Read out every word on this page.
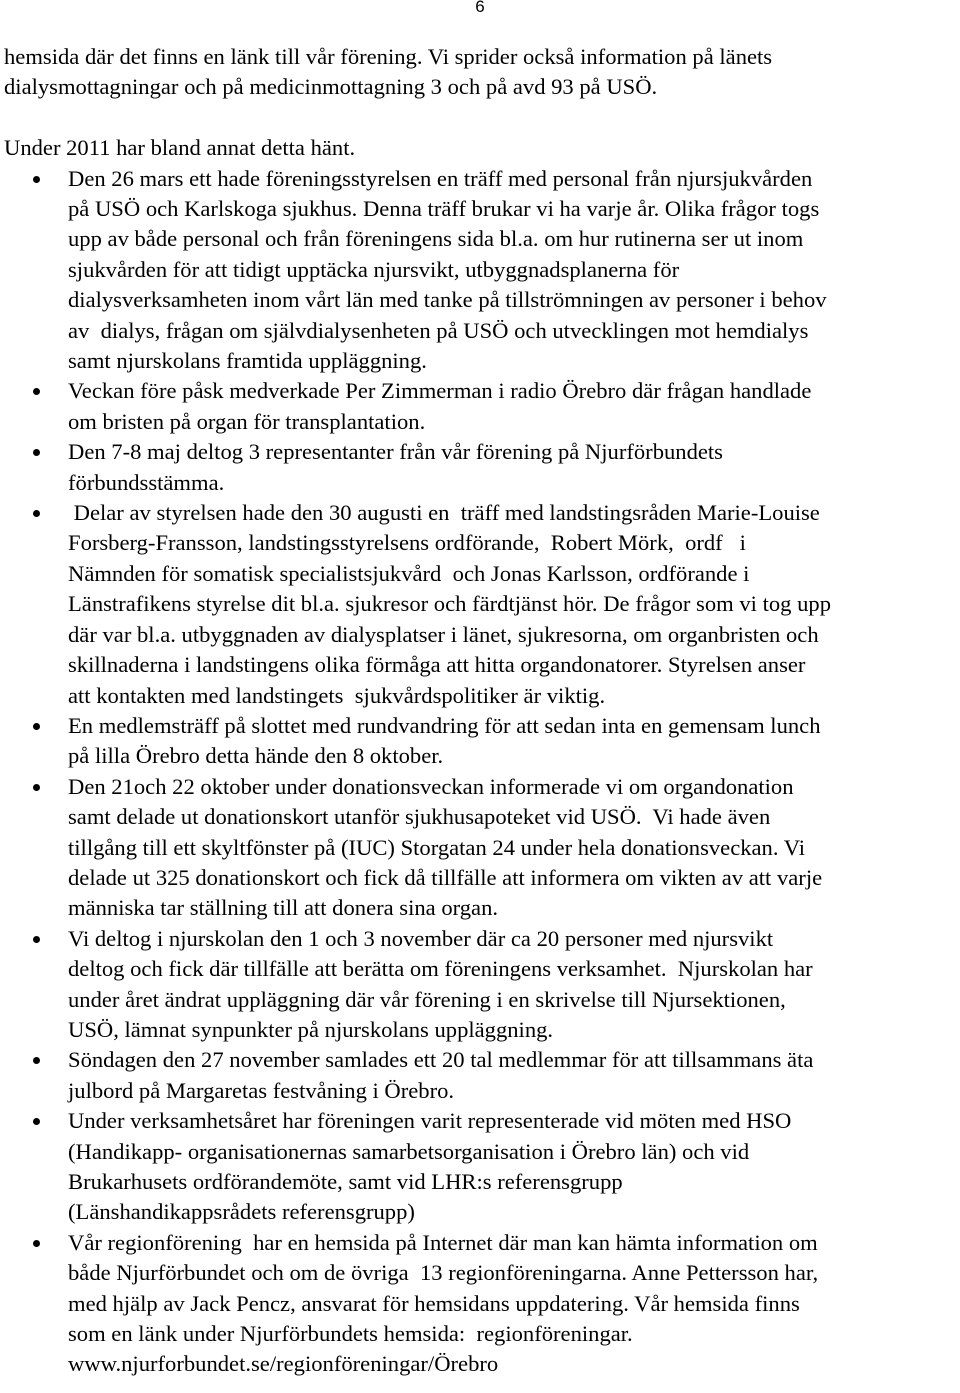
6

hemsida där det finns en länk till vår förening. Vi sprider också information på länets
dialysmottagningar och på medicinmottagning 3 och på avd 93 på USÖ.

Under 2011 har bland annat detta hänt.
Den 26 mars ett hade föreningsstyrelsen en träff med personal från njursjukvården
på USÖ och Karlskoga sjukhus. Denna träff brukar vi ha varje år. Olika frågor togs
upp av både personal och från föreningens sida bl.a. om hur rutinerna ser ut inom
sjukvården för att tidigt upptäcka njursvikt, utbyggnadsplanerna för
dialysverksamheten inom vårt län med tanke på tillströmningen av personer i behov
av  dialys, frågan om självdialysenheten på USÖ och utvecklingen mot hemdialys
samt njurskolans framtida uppläggning.
Veckan före påsk medverkade Per Zimmerman i radio Örebro där frågan handlade
om bristen på organ för transplantation.
Den 7-8 maj deltog 3 representanter från vår förening på Njurförbundets
förbundsstämma.
Delar av styrelsen hade den 30 augusti en  träff med landstingsråden Marie-Louise
Forsberg-Fransson, landstingsstyrelsens ordförande,  Robert Mörk,  ordf   i
Nämnden för somatisk specialistsjukvård  och Jonas Karlsson, ordförande i
Länstrafikens styrelse dit bl.a. sjukresor och färdtjänst hör. De frågor som vi tog upp
där var bl.a. utbyggnaden av dialysplatser i länet, sjukresorna, om organbristen och
skillnaderna i landstingens olika förmåga att hitta organdonatorer. Styrelsen anser
att kontakten med landstingets  sjukvårdspolitiker är viktig.
En medlemsträff på slottet med rundvandring för att sedan inta en gemensam lunch
på lilla Örebro detta hände den 8 oktober.
Den 21och 22 oktober under donationsveckan informerade vi om organdonation
samt delade ut donationskort utanför sjukhusapoteket vid USÖ.  Vi hade även
tillgång till ett skyltfönster på (IUC) Storgatan 24 under hela donationsveckan. Vi
delade ut 325 donationskort och fick då tillfälle att informera om vikten av att varje
människa tar ställning till att donera sina organ.
Vi deltog i njurskolan den 1 och 3 november där ca 20 personer med njursvikt
deltog och fick där tillfälle att berätta om föreningens verksamhet.  Njurskolan har
under året ändrat uppläggning där vår förening i en skrivelse till Njursektionen,
USÖ, lämnat synpunkter på njurskolans uppläggning.
Söndagen den 27 november samlades ett 20 tal medlemmar för att tillsammans äta
julbord på Margaretas festvåning i Örebro.
Under verksamhetsåret har föreningen varit representerade vid möten med HSO
(Handikapp- organisationernas samarbetsorganisation i Örebro län) och vid
Brukarhusets ordförandemöte, samt vid LHR:s referensgrupp
(Länshandikappsrådets referensgrupp)
Vår regionförening  har en hemsida på Internet där man kan hämta information om
både Njurförbundet och om de övriga  13 regionföreningarna. Anne Pettersson har,
med hjälp av Jack Pencz, ansvarat för hemsidans uppdatering. Vår hemsida finns
som en länk under Njurförbundets hemsida:  regionföreningar.
www.njurforbundet.se/regionföreningar/Örebro
